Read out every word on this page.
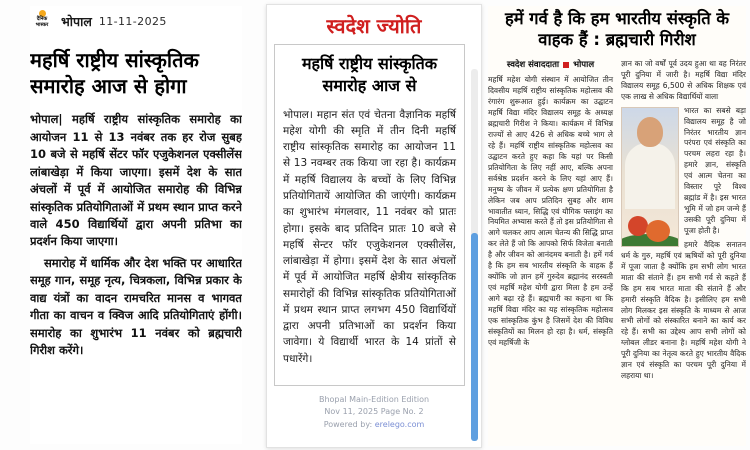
दैनिक
भास्कर	भोपाल 11-11-2025
महर्षि राष्ट्रीय सांस्कृतिक समारोह आज से होगा

भोपाल| महर्षि राष्ट्रीय सांस्कृतिक समारोह का आयोजन 11 से 13 नवंबर तक हर रोज सुबह 10 बजे से महर्षि सेंटर फॉर एजुकेशनल एक्सीलेंस लांबाखेड़ा में किया जाएगा। इसमें देश के सात अंचलों में पूर्व में आयोजित समारोह की विभिन्न सांस्कृतिक प्रतियोगिताओं में प्रथम स्थान प्राप्त करने वाले 450 विद्यार्थियों द्वारा अपनी प्रतिभा का प्रदर्शन किया जाएगा।

समारोह में धार्मिक और देश भक्ति पर आधारित समूह गान, समूह नृत्य, चित्रकला, विभिन्न प्रकार के वाद्य यंत्रों का वादन रामचरित मानस व भागवत गीता का वाचन व क्विज आदि प्रतियोगिताएं होंगी। समारोह का शुभारंभ 11 नवंबर को ब्रह्मचारी गिरीश करेंगे।

स्वदेश ज्योति
महर्षि राष्ट्रीय सांस्कृतिक समारोह आज से

भोपाल। महान संत एवं चेतना वैज्ञानिक महर्षि महेश योगी की स्मृति में तीन दिनी महर्षि राष्ट्रीय सांस्कृतिक समारोह का आयोजन 11 से 13 नवम्बर तक किया जा रहा है। कार्यक्रम में महर्षि विद्यालय के बच्चों के लिए विभिन्न प्रतियोगितायें आयोजित की जाएंगी। कार्यक्रम का शुभारंभ मंगलवार, 11 नवंबर को प्रातः होगा। इसके बाद प्रतिदिन प्रातः 10 बजे से महर्षि सेन्टर फॉर एजुकेशनल एक्सीलेंस, लांबाखेड़ा में होगा। इसमें देश के सात अंचलों में पूर्व में आयोजित महर्षि क्षेत्रीय सांस्कृतिक समारोहों की विभिन्न सांस्कृतिक प्रतियोगिताओं में प्रथम स्थान प्राप्त लगभग 450 विद्यार्थियों द्वारा अपनी प्रतिभाओं का प्रदर्शन किया जावेगा। ये विद्यार्थी भारत के 14 प्रांतों से पधारेंगे।

Bhopal Main-Edition Edition
Nov 11, 2025 Page No. 2
Powered by: erelego.com
हमें गर्व है कि हम भारतीय संस्कृति के वाहक हैं : ब्रह्मचारी गिरीश
स्वदेश संवाददाता भोपाल

महर्षि महेश योगी संस्थान में आयोजित तीन दिवसीय महर्षि राष्ट्रीय सांस्कृतिक महोत्सव की रंगारंग शुरूआत हुई। कार्यक्रम का उद्घाटन महर्षि विद्या मंदिर विद्यालय समूह के अध्यक्ष ब्रह्मचारी गिरीश ने किया। कार्यक्रम में विभिन्न राज्यों से आए 426 से अधिक बच्चे भाग ले रहे हैं। महर्षि राष्ट्रीय सांस्कृतिक महोत्सव का उद्घाटन करते हुए कहा कि यहां पर किसी प्रतियोगिता के लिए नहीं आए, बल्कि अपना सर्वश्रेष्ठ प्रदर्शन करने के लिए यहां आए हैं। मनुष्य के जीवन में प्रत्येक क्षण प्रतियोगिता है लेकिन जब आप प्रतिदिन सुबह और शाम भावातीत ध्यान, सिद्धि एवं यौगिक फ्लाइंग का नियमित अभ्यास करते हैं तो इस प्रतियोगिता से आगे चलकर आप आत्म चेतन्य की सिद्धि प्राप्त कर लेते हैं जो कि आपको सिर्फ विजेता बनाती है और जीवन को आनंदमय बनाती है। हमें गर्व है कि हम सब भारतीय संस्कृति के वाहक हैं क्योंकि जो ज्ञान हमें गुरुदेव ब्रह्मानंद सरस्वती एवं महर्षि महेश योगी द्वारा मिला है हम उन्हें आगे बढ़ा रहे हैं। ब्रह्मचारी का कहना था कि महर्षि विद्या मंदिर का यह सांस्कृतिक महोत्सव एक सांस्कृतिक कुंभ है जिसमें देश की विविध संस्कृतियों का मिलन हो रहा है। धर्म, संस्कृति एवं महर्षिजी के

ज्ञान का जो वर्षों पूर्व उदय हुआ था वह निरंतर पूरी दुनिया में जारी है। महर्षि विद्या मंदिर विद्यालय समूह 6,500 से अधिक शिक्षक एवं एक लाख से अधिक विद्यार्थियों वाला

भारत का सबसे बड़ा विद्यालय समूह है जो निरंतर भारतीय ज्ञान परंपरा एवं संस्कृति का परचम लहरा रहा है। हमारे ज्ञान, संस्कृति एवं आत्म चेतना का विस्तार पूरे विश्व ब्रह्मांड में है। इस भारत भूमि में जो हम जन्मे हैं उसकी पूरी दुनिया में पूजा होती है।

हमारे वैदिक सनातन धर्म के गुरु, महर्षि एवं ऋषियों को पूरी दुनिया में पूजा जाता है क्योंकि हम सभी लोग भारत माता की संताने हैं। हम सभी गर्व से कहते हैं कि हम सब भारत माता की संताने हैं और हमारी संस्कृति वैदिक है। इसीलिए हम सभी लोग मिलकर इस संस्कृति के माध्यम से आज सभी लोगों को संस्कारित बनाने का कार्य कर रहे हैं। सभी का उद्देश्य आप सभी लोगों को ग्लोबल लीडर बनाना है। महर्षि महेश योगी ने पूरी दुनिया का नेतृत्व करते हुए भारतीय वैदिक ज्ञान एवं संस्कृति का परचम पूरी दुनिया में लहराया था।
